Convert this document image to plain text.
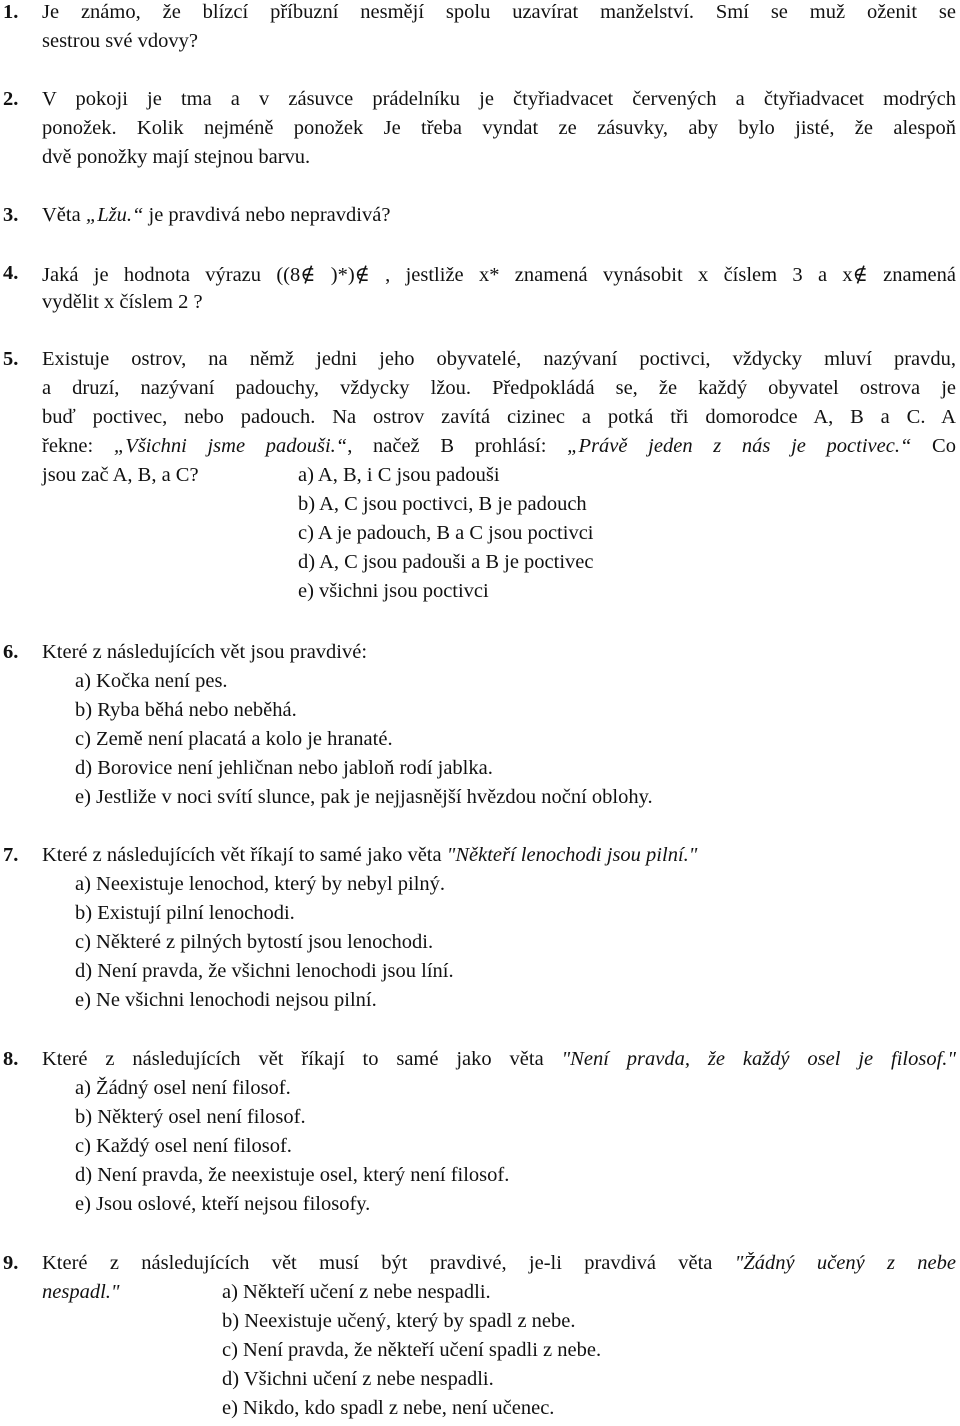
1. Je známo, že blízcí příbuzní nesmějí spolu uzavírat manželství. Smí se muž oženit se
sestrou své vdovy?
2. V pokoji je tma a v zásuvce prádelníku je čtyřiadvacet červených a čtyřiadvacet modrých
ponožek. Kolik nejméně ponožek Je třeba vyndat ze zásuvky, aby bylo jisté, že alespoň
dvě ponožky mají stejnou barvu.
3. Věta „Lžu.“ je pravdivá nebo nepravdivá?
4. Jaká je hodnota výrazu ((8∉ )*)∉ , jestliže x* znamená vynásobit x číslem 3 a x∉ znamená
vydělit x číslem 2 ?
5. Existuje ostrov, na němž jedni jeho obyvatelé, nazývaní poctivci, vždycky mluví pravdu,
a druzí, nazývaní padouchy, vždycky lžou. Předpokládá se, že každý obyvatel ostrova je
buď poctivec, nebo padouch. Na ostrov zavítá cizinec a potká tři domorodce A, B a C. A
řekne: „Všichni jsme padouši.“, načež B prohlásí: „Právě jeden z nás je poctivec.“ Co
jsou zač A, B, a C?	a) A, B, i C jsou padouši
b) A, C jsou poctivci, B je padouch
c) A je padouch, B a C jsou poctivci
d) A, C jsou padouši a B je poctivec
e) všichni jsou poctivci
6. Které z následujících vět jsou pravdivé:
a) Kočka není pes.
b) Ryba běhá nebo neběhá.
c) Země není placatá a kolo je hranaté.
d) Borovice není jehličnan nebo jabloň rodí jablka.
e) Jestliže v noci svítí slunce, pak je nejjasnější hvězdou noční oblohy.
7. Které z následujících vět říkají to samé jako věta "Někteří lenochodi jsou pilní."
a) Neexistuje lenochod, který by nebyl pilný.
b) Existují pilní lenochodi.
c) Některé z pilných bytostí jsou lenochodi.
d) Není pravda, že všichni lenochodi jsou líní.
e) Ne všichni lenochodi nejsou pilní.
8. Které z následujících vět říkají to samé jako věta "Není pravda, že každý osel je filosof."
a) Žádný osel není filosof.
b) Některý osel není filosof.
c) Každý osel není filosof.
d) Není pravda, že neexistuje osel, který není filosof.
e) Jsou oslové, kteří nejsou filosofy.
9. Které z následujících vět musí být pravdivé, je-li pravdivá věta "Žádný učený z nebe
nespadl."	a) Někteří učení z nebe nespadli.
b) Neexistuje učený, který by spadl z nebe.
c) Není pravda, že někteří učení spadli z nebe.
d) Všichni učení z nebe nespadli.
e) Nikdo, kdo spadl z nebe, není učenec.
